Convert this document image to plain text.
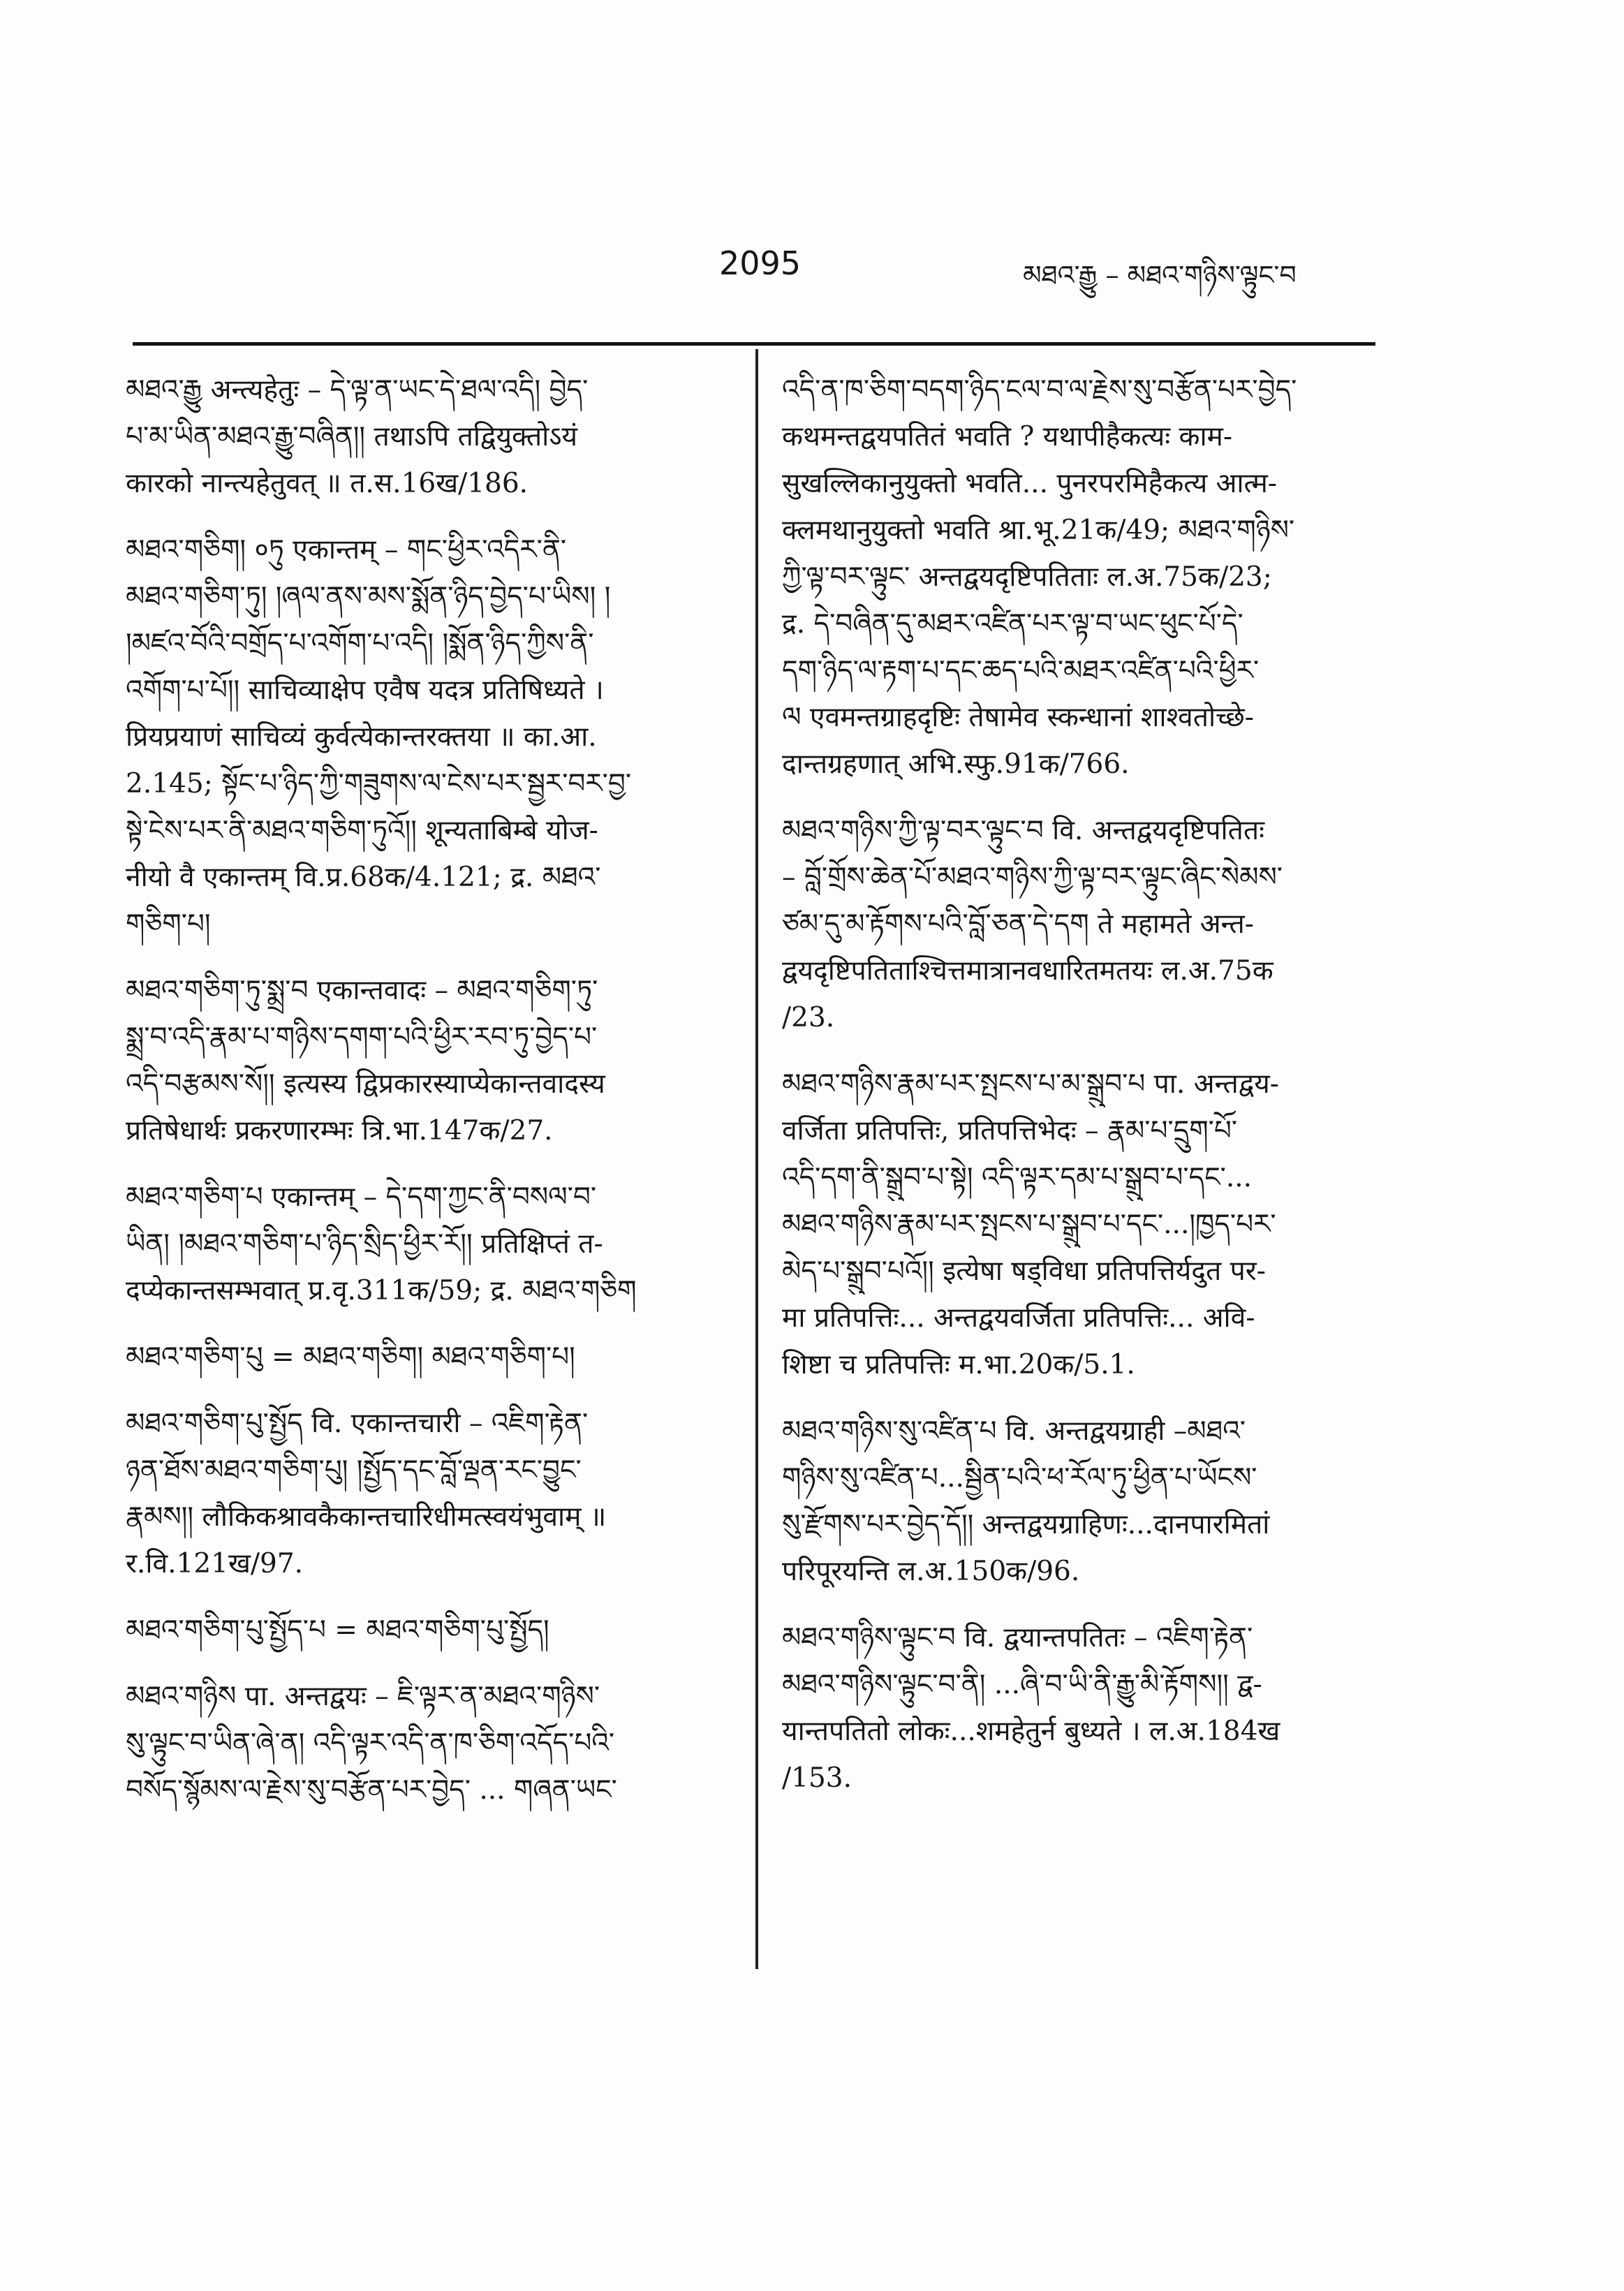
2095	མཐའ་རྒྱུ – མཐའ་གཉིས་ལྟུང་བ
མཐའ་རྒྱུ अन्त्यहेतुः – དེ་ལྟ་ན་ཡང་དེ་ཐལ་འདི། བྱེད་
པ་མ་ཡིན་མཐའ་རྒྱུ་བཞིན།། तथाऽपि तद्वियुक्तोऽयं
कारको नान्त्यहेतुवत् ॥ त.स.16ख/186.
མཐའ་གཅིག། ०ཏུ एकान्तम् – གང་ཕྱིར་འདིར་ནི་
མཐའ་གཅིག་ཏུ། །ཞལ་ནས་མས་སྨོན་ཉིད་བྱེད་པ་ཡིས། །
།མཛའ་བོའི་བགྲོད་པ་འགོག་པ་འདི། །སྨོན་ཉིད་ཀྱིས་ནི་
འགོག་པ་པོ།། साचिव्याक्षेप एवैष यदत्र प्रतिषिध्यते ।
प्रियप्रयाणं साचिव्यं कुर्वत्येकान्तरक्तया ॥ का.आ.
2.145; སྟོང་པ་ཉིད་ཀྱི་གཟུགས་ལ་ངེས་པར་སྦྱར་བར་བྱ་
སྟེ་ངེས་པར་ནི་མཐའ་གཅིག་ཏུའོ།། शून्यताबिम्बे योज-
नीयो वै एकान्तम् वि.प्र.68क/4.121; द्र. མཐའ་
གཅིག་པ།
མཐའ་གཅིག་ཏུ་སྨྲ་བ एकान्तवादः – མཐའ་གཅིག་ཏུ་
སྨྲ་བ་འདི་རྣམ་པ་གཉིས་དགག་པའི་ཕྱིར་རབ་ཏུ་བྱེད་པ་
འདི་བརྩམས་སོ།། इत्यस्य द्विप्रकारस्याप्येकान्तवादस्य
प्रतिषेधार्थः प्रकरणारम्भः त्रि.भा.147क/27.
མཐའ་གཅིག་པ एकान्तम् – དེ་དག་ཀྱང་ནི་བསལ་བ་
ཡིན། །མཐའ་གཅིག་པ་ཉིད་སྲིད་ཕྱིར་རོ།། प्रतिक्षिप्तं त-
दप्येकान्तसम्भवात् प्र.वृ.311क/59; द्र. མཐའ་གཅིག
མཐའ་གཅིག་པུ = མཐའ་གཅིག། མཐའ་གཅིག་པ།
མཐའ་གཅིག་པུ་སྤྱོད वि. एकान्तचारी – འཇིག་རྟེན་
ཉན་ཐོས་མཐའ་གཅིག་པུ། །སྤྱོད་དང་བློ་ལྡན་རང་བྱུང་
རྣམས།། लौकिकश्रावकैकान्तचारिधीमत्स्वयंभुवाम् ॥
र.वि.121ख/97.
མཐའ་གཅིག་པུ་སྤྱོད་པ = མཐའ་གཅིག་པུ་སྤྱོད།
མཐའ་གཉིས पा. अन्तद्वयः – ཇི་ལྟར་ན་མཐའ་གཉིས་
སུ་ལྟུང་བ་ཡིན་ཞེ་ན། འདི་ལྟར་འདི་ན་ཁ་ཅིག་འདོད་པའི་
བསོད་སྙོམས་ལ་རྗེས་སུ་བརྩོན་པར་བྱེད་ ... གཞན་ཡང་
འདི་ན་ཁ་ཅིག་བདག་ཉིད་ངལ་བ་ལ་རྗེས་སུ་བརྩོན་པར་བྱེད་
कथमन्तद्वयपतितं भवति ? यथापीहैकत्यः काम-
सुखल्लिकानुयुक्तो भवति... पुनरपरमिहैकत्य आत्म-
क्लमथानुयुक्तो भवति श्रा.भू.21क/49; མཐའ་གཉིས་
ཀྱི་ལྟ་བར་ལྟུང་ अन्तद्वयदृष्टिपतिताः ल.अ.75क/23;
द्र. དེ་བཞིན་དུ་མཐར་འཛིན་པར་ལྟ་བ་ཡང་ཕུང་པོ་དེ་
དག་ཉིད་ལ་རྟག་པ་དང་ཆད་པའི་མཐར་འཛིན་པའི་ཕྱིར་
ལ एवमन्तग्राहदृष्टिः तेषामेव स्कन्धानां शाश्वतोच्छे-
दान्तग्रहणात् अभि.स्फु.91क/766.
མཐའ་གཉིས་ཀྱི་ལྟ་བར་ལྟུང་བ वि. अन्तद्वयदृष्टिपतितः
– བློ་གྲོས་ཆེན་པོ་མཐའ་གཉིས་ཀྱི་ལྟ་བར་ལྟུང་ཞིང་སེམས་
ཙམ་དུ་མ་རྟོགས་པའི་བློ་ཅན་དེ་དག ते महामते अन्त-
द्वयदृष्टिपतिताश्चित्तमात्रानवधारितमतयः ल.अ.75क
/23.
མཐའ་གཉིས་རྣམ་པར་སྤངས་པ་མ་སྒྲུབ་པ पा. अन्तद्वय-
वर्जिता प्रतिपत्तिः, प्रतिपत्तिभेदः – རྣམ་པ་དྲུག་པོ་
འདི་དག་ནི་སྒྲུབ་པ་སྟེ། འདི་ལྟར་དམ་པ་སྒྲུབ་པ་དང་...
མཐའ་གཉིས་རྣམ་པར་སྤངས་པ་སྒྲུབ་པ་དང་...།ཁྱད་པར་
མེད་པ་སྒྲུབ་པའོ།། इत्येषा षड्विधा प्रतिपत्तिर्यदुत पर-
मा प्रतिपत्तिः... अन्तद्वयवर्जिता प्रतिपत्तिः... अवि-
शिष्टा च प्रतिपत्तिः म.भा.20क/5.1.
མཐའ་གཉིས་སུ་འཛིན་པ वि. अन्तद्वयग्राही –མཐའ་
གཉིས་སུ་འཛིན་པ...སྦྱིན་པའི་ཕ་རོལ་ཏུ་ཕྱིན་པ་ཡོངས་
སུ་རྫོགས་པར་བྱེད་དོ།། अन्तद्वयग्राहिणः...दानपारमितां
परिपूरयन्ति ल.अ.150क/96.
མཐའ་གཉིས་ལྟུང་བ वि. द्वयान्तपतितः – འཇིག་རྟེན་
མཐའ་གཉིས་ལྟུང་བ་ནི། ...ཞི་བ་ཡི་ནི་རྒྱུ་མི་རྟོགས།། द्व-
यान्तपतितो लोकः...शमहेतुर्न बुध्यते । ल.अ.184ख
/153.
